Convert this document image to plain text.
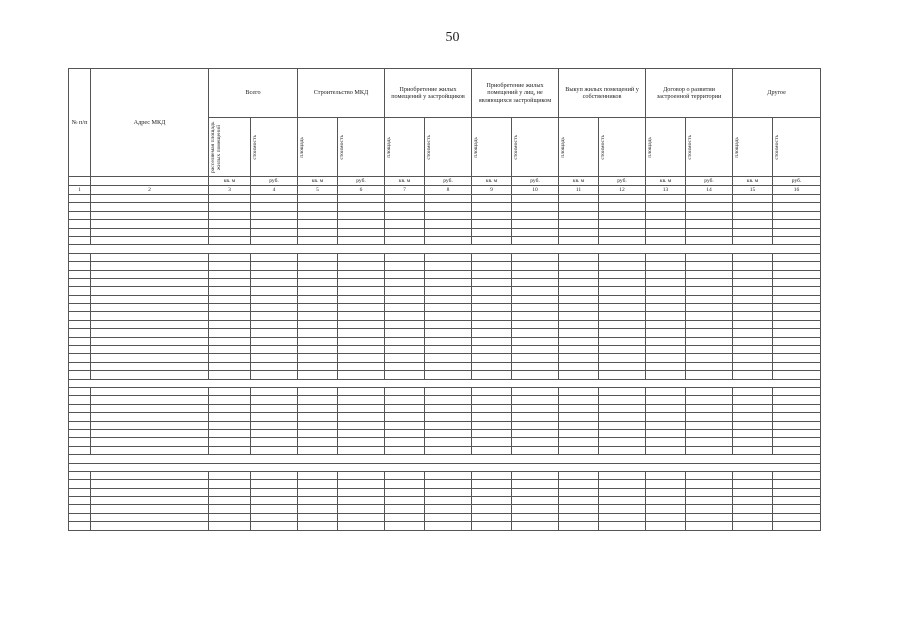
50
№ п/п	Адрес МКД	Всего		Строительство МКД		Приобретение жилых помещений у застройщиков		Приобретение жилых помещений у лиц, не являющихся застройщиком		Выкуп жилых помещений у собственников		Договор о развитии застроенной территории		Другое	

		расселяемая площадь жилых помещений	стоимость	площадь	стоимость	площадь	стоимость	площадь	стоимость	площадь	стоимость	площадь	стоимость	площадь	стоимость

		кв. м	руб.	кв. м	руб.	кв. м	руб.	кв. м	руб.	кв. м	руб.	кв. м	руб.	кв. м	руб.
1	2	3	4	5	6	7	8	9	10	11	12	13	14	15	16
